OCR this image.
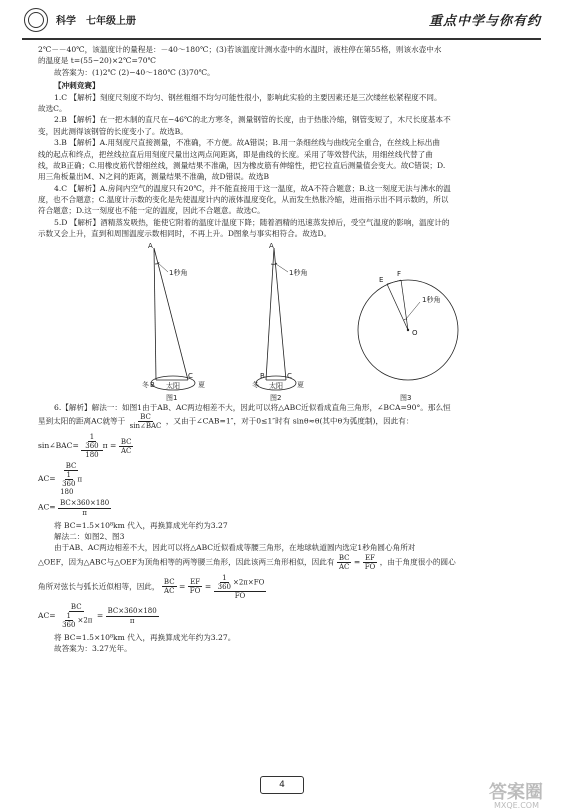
科学　七年级上册	重点中学与你有约

2℃－－40℃，该温度计的量程是：－40～180℃；(3)若该温度计测水壶中的水温时，液柱停在第55格，则该水壶中水

的温度是 t=(55−20)×2℃=70℃

故答案为：(1)2℃ (2)−40～180℃ (3)70℃。

【冲刺竞赛】

1.C 【解析】刻度尺刻度不均匀、钢丝粗细不均匀可能性很小，影响此实验的主要因素还是三次缕丝松紧程度不同。

故选C。

2.B 【解析】在一把木制的直尺在−46℃的北方寒冬，测量钢管的长度，由于热胀冷缩，钢管变短了，木尺长度基本不

变，因此测得该钢管的长度变小了。故选B。

3.B 【解析】A.用刻度尺直接测量，不准确，不方便。故A错误；B.用一条细丝线与曲线完全重合，在丝线上标出曲

线的起点和终点，把丝线拉直后用刻度尺量出这两点间距离，即是曲线的长度。采用了等效替代法，用细丝线代替了曲

线，故B正确；C.用橡皮筋代替细丝线，测量结果不准确，因为橡皮筋有伸缩性，把它拉直后测量值会变大。故C错误；D.

用三角板量出M、N之间的距离，测量结果不准确，故D错误。故选B

4.C 【解析】A.房间内空气的温度只有20℃，并不能直接用于这一温度，故A不符合题意；B.这一刻度无法与沸水的温

度，也不合题意；C.温度计示数的变化是先使温度计内的液体温度变化，从而发生热胀冷缩，进而指示出不同示数的，所以

符合题意；D.这一刻度也不能一定的温度，因此不合题意。故选C。

5.D 【解析】酒精蒸发吸热，能使它附着的温度计温度下降；随着酒精的迅速蒸发掉后，受空气温度的影响，温度计的

示数又会上升，直到和周围温度示数相同时，不再上升。D图象与事实相符合。故选D。

A
1秒角
B
C
冬 太阳	夏
图1
A
1秒角
B	C
冬 太阳 夏
图2
E
F
O
1秒角
图3

6.【解析】解法一：如图1由于AB、AC两边相差不大，因此可以将△ABC近似看成直角三角形，∠BCA=90°。那么恒

星到太阳的距离AC就等于 $\frac{BC}{\text{sin∠BAC}}$ ，又由于∠CAB=1″，对于0≤1″时有 sinθ≈θ(其中θ为弧度制)，因此有：

sin∠BAC= $\frac{\frac{1}{360}}{180}$ $\pi = \frac{BC}{AC}$
AC=
BC
$\frac{1}{360}$ π
180
$AC= \frac{BC\times 360\times 180}{\pi}$

将 BC=1.5×10⁸km 代入，再换算成光年约为3.27

解法二：如图2、图3

由于AB、AC两边相差不大，因此可以将△ABC近似看成等腰三角形，在地球轨道圆内选定1秒角圆心角所对

△OEF，因为△ABC与△OEF为顶角相等的两等腰三角形，因此该两三角形相似，因此有 $\frac{BC}{AC} = \frac{EF}{FO}$ ，由于角度很小的圆心

角所对弦长与弧长近似相等，因此， $\frac{BC}{AC} = \frac{EF}{FO} = \frac{\frac{1}{360} \times 2\pi\times FO}{FO}$
$AC= \frac{BC}{\frac{1}{360} \times 2\pi} = \frac{BC\times 360\times 180}{\pi}$

将 BC=1.5×10⁸km 代入，再换算成光年约为3.27。

故答案为：3.27光年。

4	答案圈
MXQE.COM
